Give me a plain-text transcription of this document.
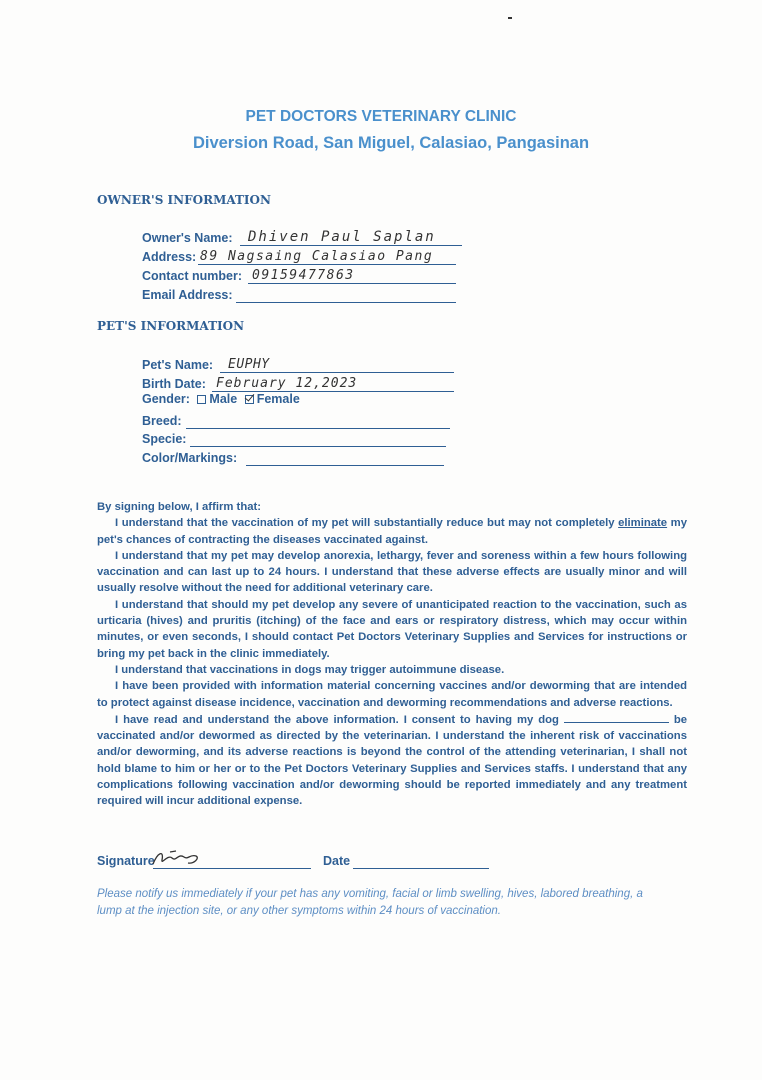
PET DOCTORS VETERINARY CLINIC
Diversion Road, San Miguel, Calasiao, Pangasinan
OWNER'S INFORMATION
Owner's Name: Dhiven Paul Saplan
Address: 89 Nagsaing Calasiao Pang
Contact number: 09159477863
Email Address:
PET'S INFORMATION
Pet's Name: EUPHY
Birth Date: February 12,2023
Gender: Male Female
Breed:
Specie:
Color/Markings:

By signing below, I affirm that:

I understand that the vaccination of my pet will substantially reduce but may not completely eliminate my pet's chances of contracting the diseases vaccinated against.

I understand that my pet may develop anorexia, lethargy, fever and soreness within a few hours following vaccination and can last up to 24 hours. I understand that these adverse effects are usually minor and will usually resolve without the need for additional veterinary care.

I understand that should my pet develop any severe of unanticipated reaction to the vaccination, such as urticaria (hives) and pruritis (itching) of the face and ears or respiratory distress, which may occur within minutes, or even seconds, I should contact Pet Doctors Veterinary Supplies and Services for instructions or bring my pet back in the clinic immediately.

I understand that vaccinations in dogs may trigger autoimmune disease.

I have been provided with information material concerning vaccines and/or deworming that are intended to protect against disease incidence, vaccination and deworming recommendations and adverse reactions.

I have read and understand the above information. I consent to having my dog	be vaccinated and/or dewormed as directed by the veterinarian. I understand the inherent risk of vaccinations and/or deworming, and its adverse reactions is beyond the control of the attending veterinarian, I shall not hold blame to him or her or to the Pet Doctors Veterinary Supplies and Services staffs. I understand that any complications following vaccination and/or deworming should be reported immediately and any treatment required will incur additional expense.

Signature	Date
Please notify us immediately if your pet has any vomiting, facial or limb swelling, hives, labored breathing, a lump at the injection site, or any other symptoms within 24 hours of vaccination.
